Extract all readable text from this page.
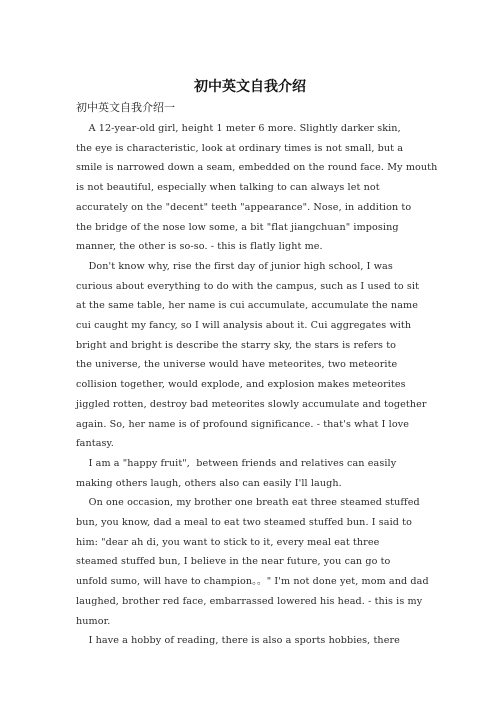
初中英文自我介绍
初中英文自我介绍一
A 12-year-old girl, height 1 meter 6 more. Slightly darker skin,
the eye is characteristic, look at ordinary times is not small, but a
smile is narrowed down a seam, embedded on the round face. My mouth
is not beautiful, especially when talking to can always let not
accurately on the "decent" teeth "appearance". Nose, in addition to
the bridge of the nose low some, a bit "flat jiangchuan" imposing
manner, the other is so-so. - this is flatly light me.
Don't know why, rise the first day of junior high school, I was
curious about everything to do with the campus, such as I used to sit
at the same table, her name is cui accumulate, accumulate the name
cui caught my fancy, so I will analysis about it. Cui aggregates with
bright and bright is describe the starry sky, the stars is refers to
the universe, the universe would have meteorites, two meteorite
collision together, would explode, and explosion makes meteorites
jiggled rotten, destroy bad meteorites slowly accumulate and together
again. So, her name is of profound significance. - that's what I love
fantasy.
I am a "happy fruit",  between friends and relatives can easily
making others laugh, others also can easily I'll laugh.
On one occasion, my brother one breath eat three steamed stuffed
bun, you know, dad a meal to eat two steamed stuffed bun. I said to
him: "dear ah di, you want to stick to it, every meal eat three
steamed stuffed bun, I believe in the near future, you can go to
unfold sumo, will have to champion。。" I'm not done yet, mom and dad
laughed, brother red face, embarrassed lowered his head. - this is my
humor.
I have a hobby of reading, there is also a sports hobbies, there
